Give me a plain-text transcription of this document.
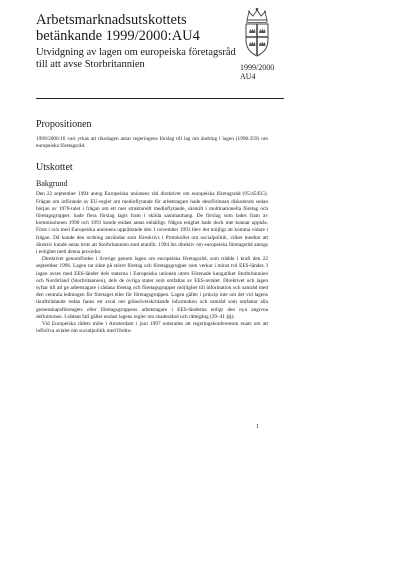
Arbetsmarknadsutskottets betänkande 1999/2000:AU4

Utvidgning av lagen om europeiska företagsråd till att avse Storbritannien	1999/2000
AU4
Propositionen

1999/2000:16 vari yrkas att riksdagen antar regeringens förslag till lag om ändring i lagen (1996:359) om europeiska företagsråd.

Utskottet
Bakgrund

Den 22 september 1994 antog Europeiska unionens råd direktivet om europeiska företagsråd (95/45/EG). Frågan om införande av EU-regler om medinflytande för arbetstagare hade dessförinnan diskuterats sedan början av 1970-talet i frågan om ett mer strukturellt medinflytande, särskilt i multinationella företag och företagsgrupper, hade flera förslag lagts fram i skilda sammanhang. De förslag som lades fram av kommissionen 1990 och 1991 kunde endast antas enhälligt. Någon enighet hade dock inte kunnat uppnås. Först i och med Europeiska unionens upprättande den 1 november 1993 blev det möjligt att komma vidare i frågan. Då kunde den ordning användas som föreskrivs i Protokollet om socialpolitik, vilket innebar att direktiv kunde antas trots att Storbritannien stod utanför. 1994 års direktiv om europeiska företagsråd antogs i enlighet med denna procedur.

Direktivet genomfördes i Sverige genom lagen om europeiska företagsråd, som trädde i kraft den 22 september 1996. Lagen tar sikte på större företag och företagsgrupper som verkar i minst två EES-länder. I lagen avses med EES-länder dels staterna i Europeiska unionen utom Förenade kungariket Storbritannien och Nordirland (Storbritannien), dels de övriga stater som omfattas av EES-avtalet. Direktivet och lagen syftar till att ge arbetstagare i sådana företag och företagsgrupper möjlighet till information och samråd med den centrala ledningen för företaget eller för företagsgruppen. Lagen gäller i princip inte om det vid lagens ikraftträdande redan fanns ett avtal om gränsöverskridande information och samråd som omfattar alla gemenskapsföretagets eller företagsgruppens arbetstagare i EES-länderna enligt den nya angivna definitionen. I sådant fall gäller endast lagens regler om skadestånd och rättegång (39–41 §§).

Vid Europeiska rådets möte i Amsterdam i juni 1997 noterades att regeringskonferensen enats om att införliva avtalet om socialpolitik med fördra-

1
